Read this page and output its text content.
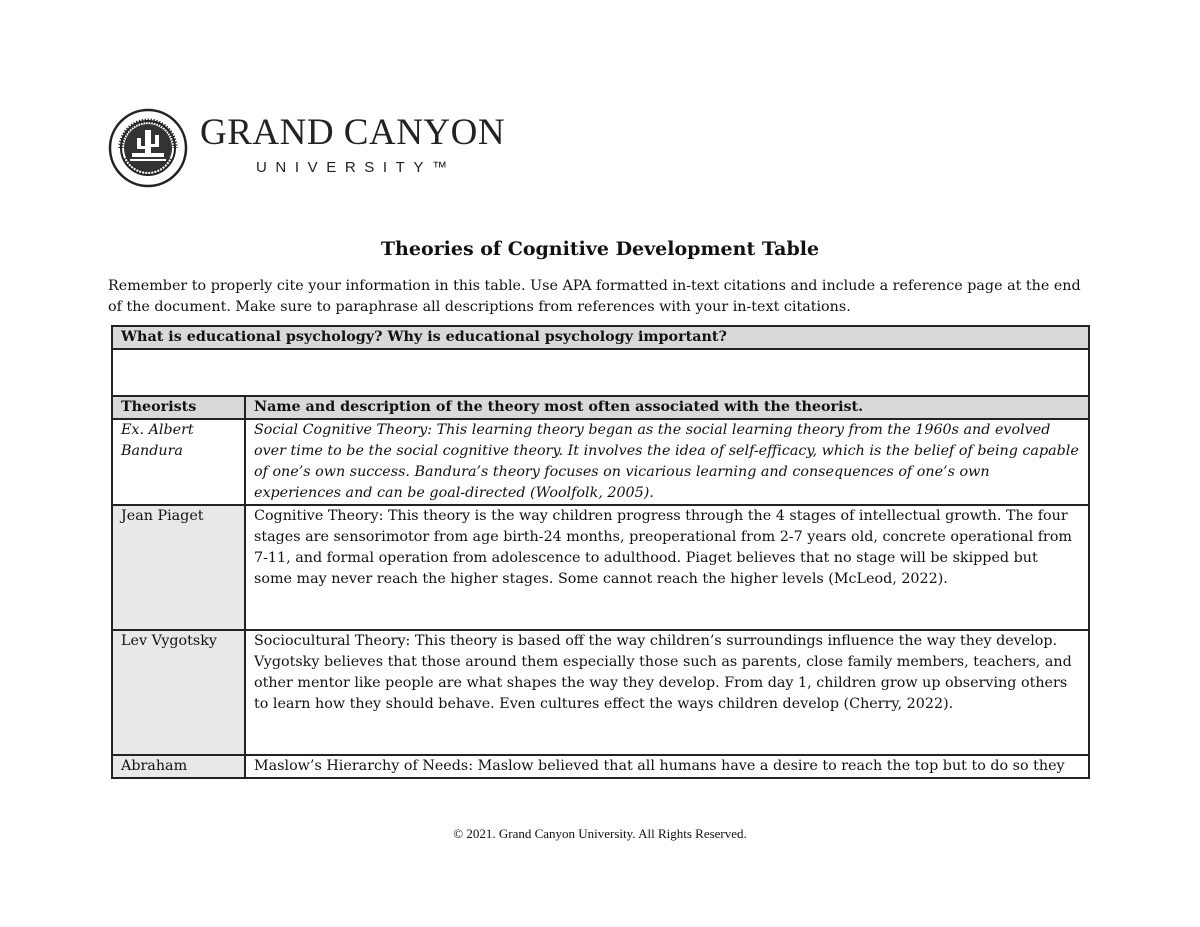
GRAND CANYON
UNIVERSITY™
Theories of Cognitive Development Table
Remember to properly cite your information in this table. Use APA formatted in-text citations and include a reference page at the end of the document. Make sure to paraphrase all descriptions from references with your in-text citations.
What is educational psychology? Why is educational psychology important?	

Theorists	Name and description of the theory most often associated with the theorist.
Ex. Albert Bandura	Social Cognitive Theory: This learning theory began as the social learning theory from the 1960s and evolved over time to be the social cognitive theory. It involves the idea of self-efficacy, which is the belief of being capable of one’s own success. Bandura’s theory focuses on vicarious learning and consequences of one’s own experiences and can be goal-directed (Woolfolk, 2005).
Jean Piaget	Cognitive Theory: This theory is the way children progress through the 4 stages of intellectual growth. The four stages are sensorimotor from age birth-24 months, preoperational from 2-7 years old, concrete operational from 7-11, and formal operation from adolescence to adulthood. Piaget believes that no stage will be skipped but some may never reach the higher stages. Some cannot reach the higher levels (McLeod, 2022).
Lev Vygotsky	Sociocultural Theory: This theory is based off the way children’s surroundings influence the way they develop. Vygotsky believes that those around them especially those such as parents, close family members, teachers, and other mentor like people are what shapes the way they develop. From day 1, children grow up observing others to learn how they should behave. Even cultures effect the ways children develop (Cherry, 2022).
Abraham	Maslow’s Hierarchy of Needs: Maslow believed that all humans have a desire to reach the top but to do so they
© 2021. Grand Canyon University. All Rights Reserved.
